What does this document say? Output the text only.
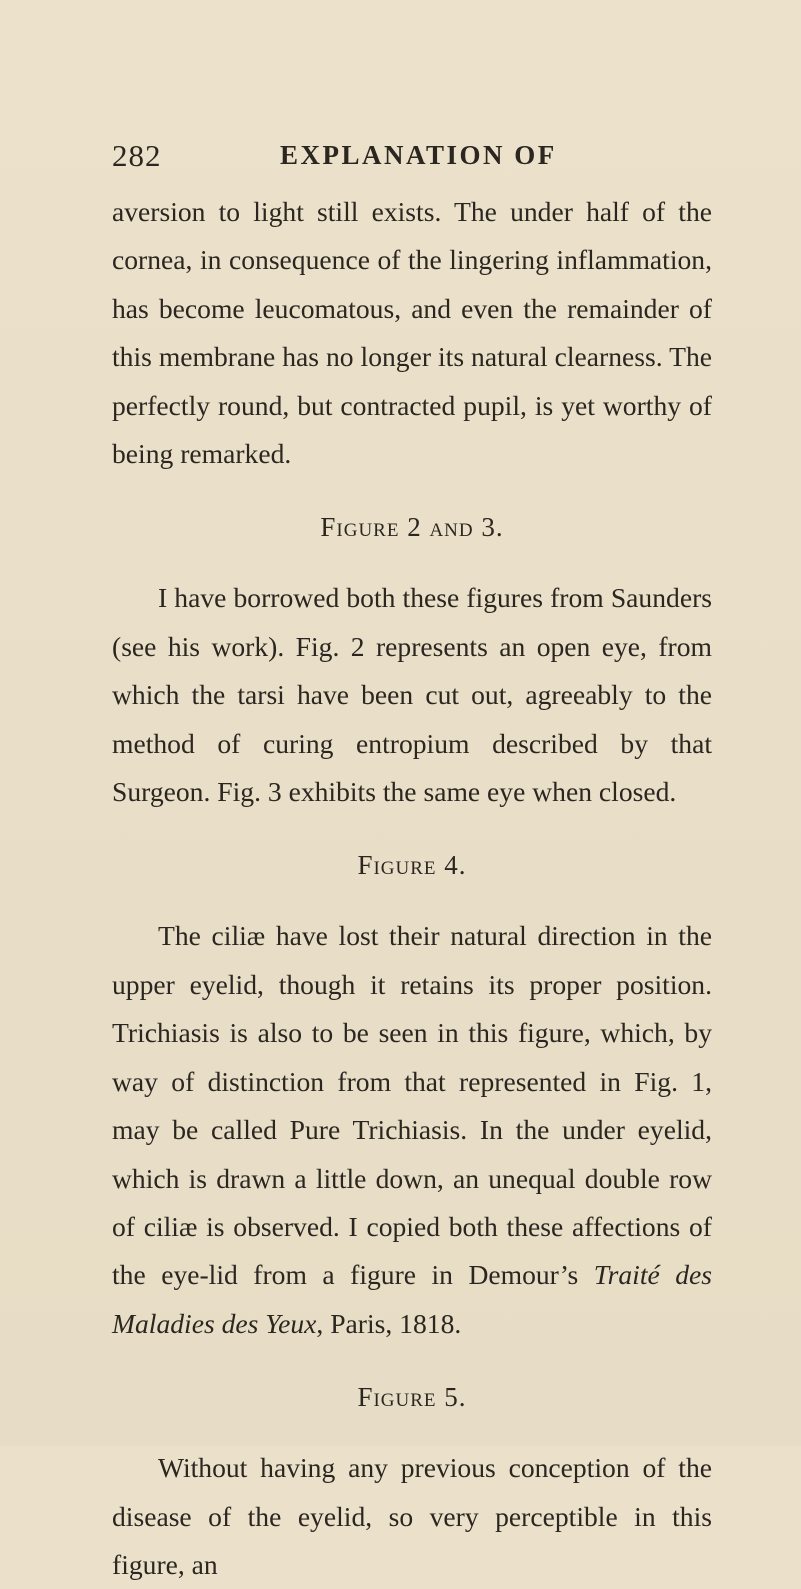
282	EXPLANATION OF

aversion to light still exists. The under half of the cornea, in consequence of the lingering inflammation, has become leucomatous, and even the remainder of this membrane has no longer its natural clearness. The perfectly round, but contracted pupil, is yet worthy of being remarked.

Figure 2 and 3.

I have borrowed both these figures from Saunders (see his work). Fig. 2 represents an open eye, from which the tarsi have been cut out, agreeably to the method of curing entropium described by that Surgeon. Fig. 3 exhibits the same eye when closed.

Figure 4.

The ciliæ have lost their natural direction in the upper eyelid, though it retains its proper position. Trichiasis is also to be seen in this figure, which, by way of distinction from that represented in Fig. 1, may be called Pure Trichiasis. In the under eyelid, which is drawn a little down, an unequal double row of ciliæ is observed. I copied both these affections of the eye-lid from a figure in Demour’s Traité des Maladies des Yeux, Paris, 1818.

Figure 5.

Without having any previous conception of the disease of the eyelid, so very perceptible in this figure, an
